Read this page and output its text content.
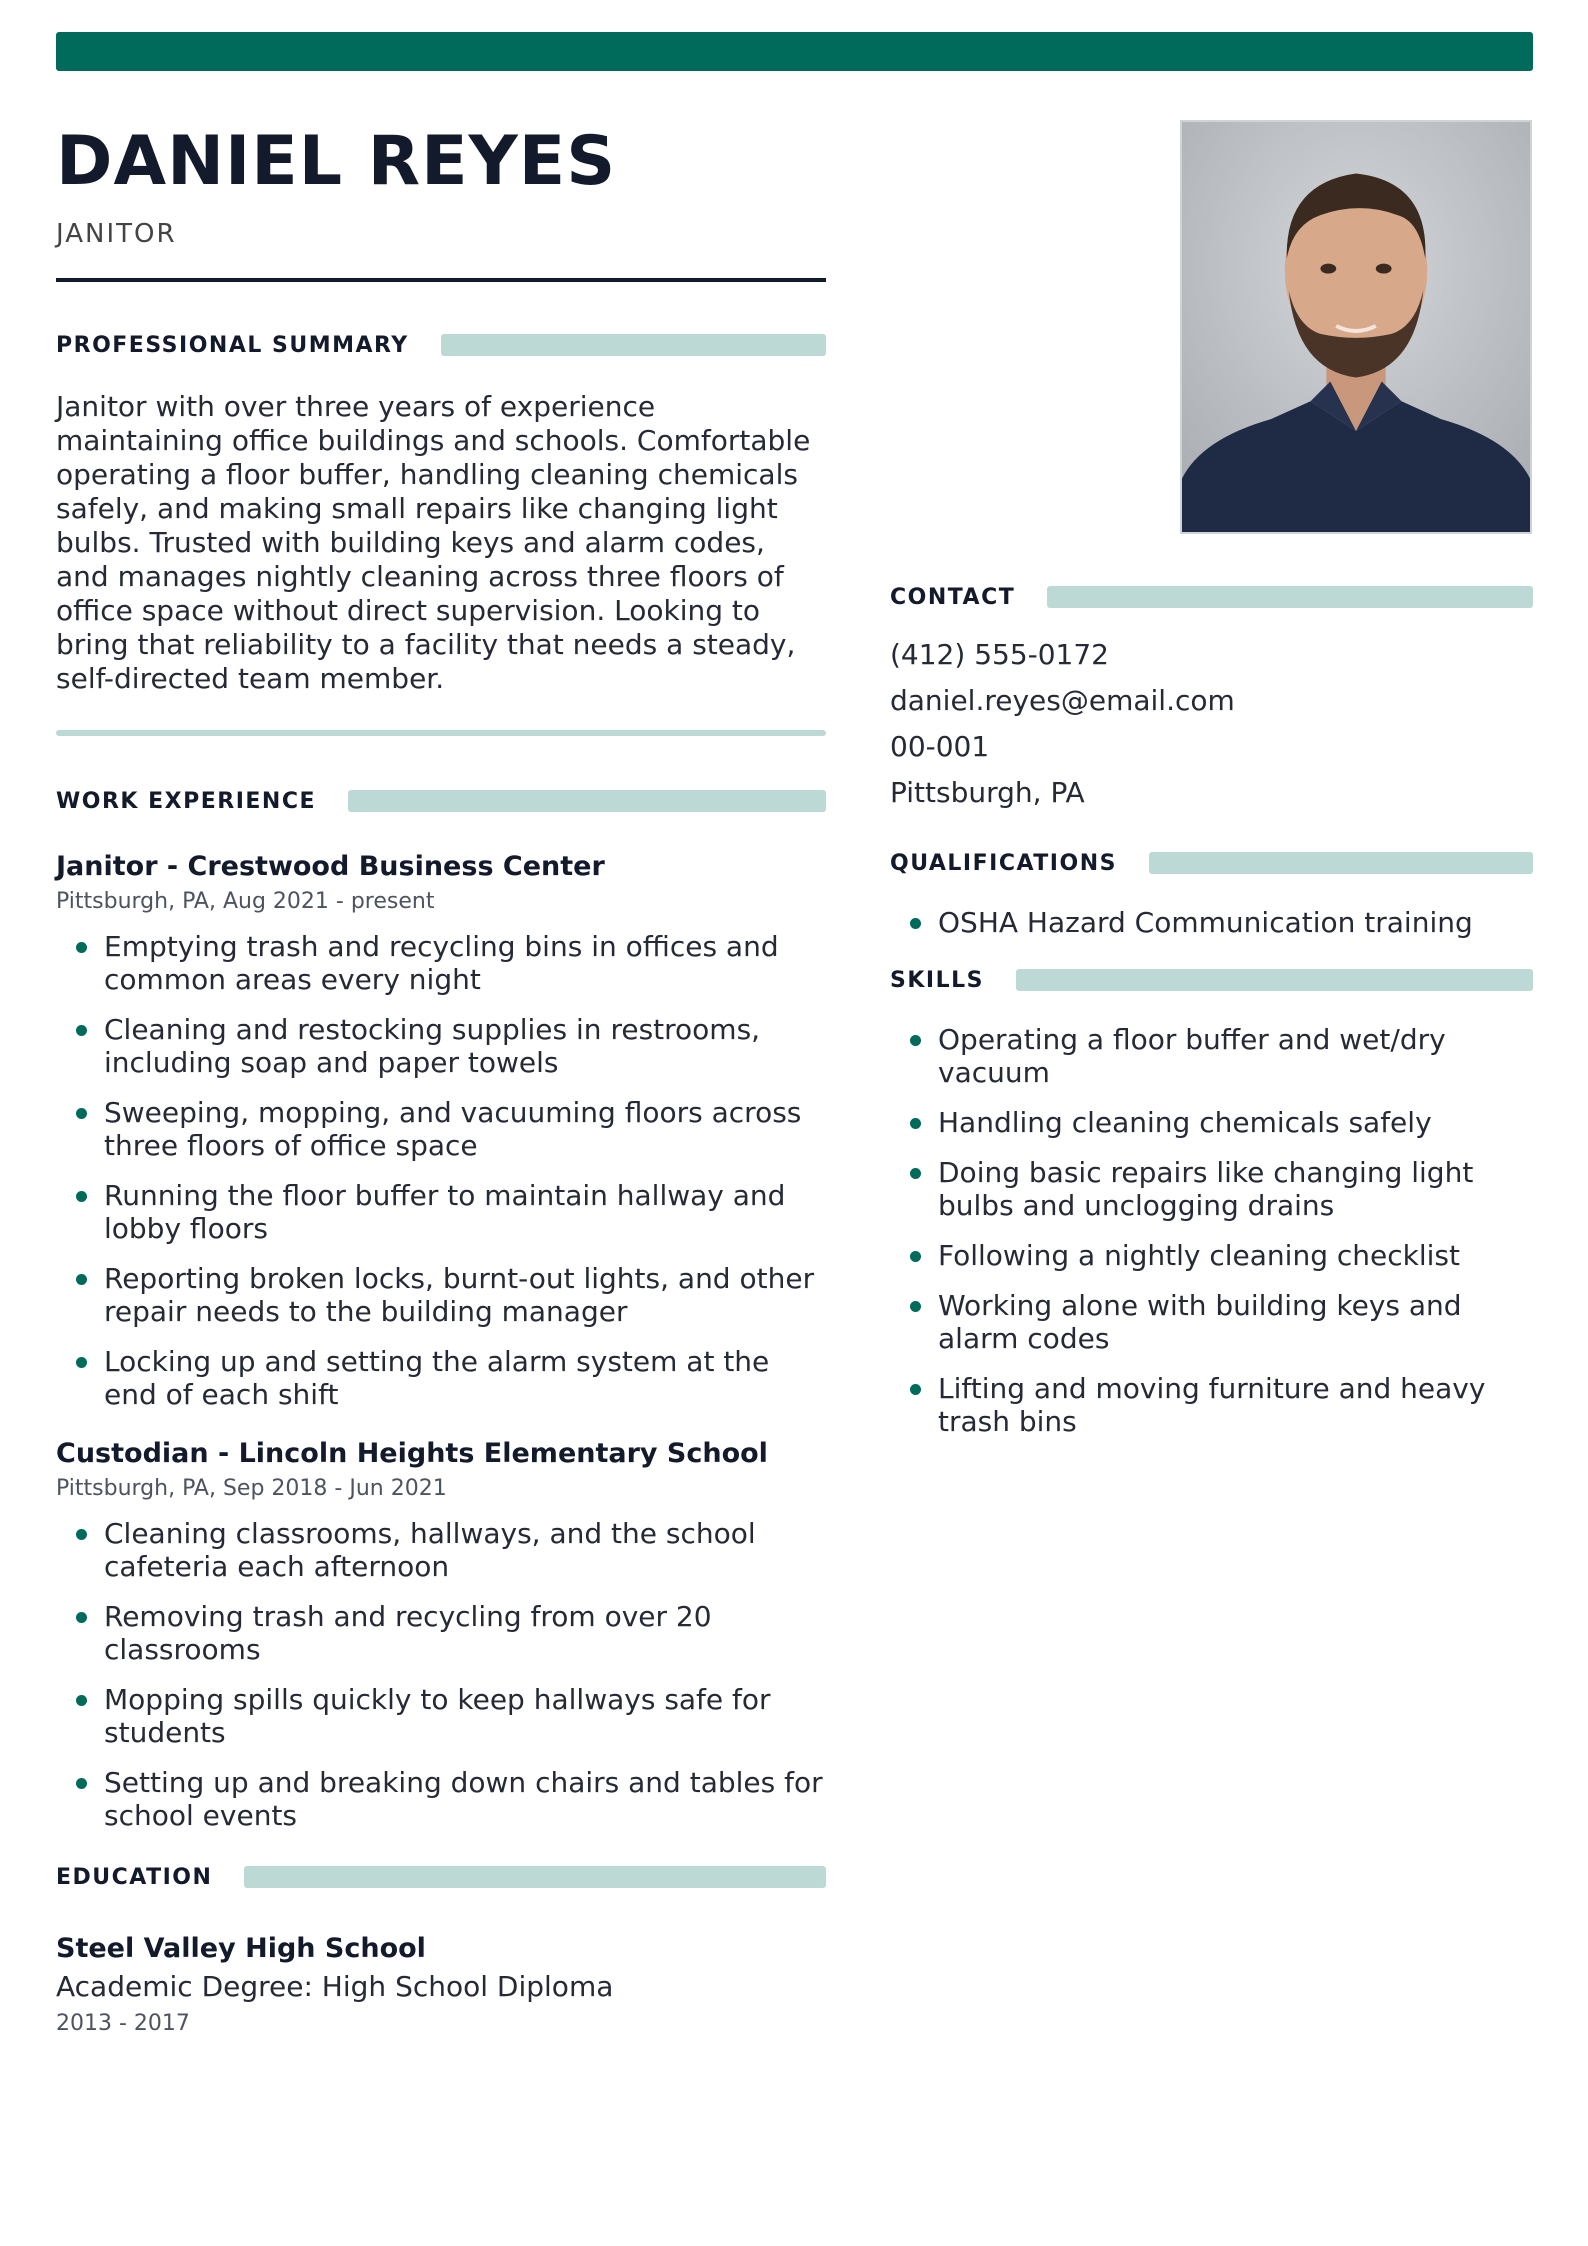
DANIEL REYES
JANITOR
PROFESSIONAL SUMMARY
Janitor with over three years of experience maintaining office buildings and schools. Comfortable operating a floor buffer, handling cleaning chemicals safely, and making small repairs like changing light bulbs. Trusted with building keys and alarm codes, and manages nightly cleaning across three floors of office space without direct supervision. Looking to bring that reliability to a facility that needs a steady, self-directed team member.
WORK EXPERIENCE
Janitor - Crestwood Business Center
Pittsburgh, PA, Aug 2021 - present
Emptying trash and recycling bins in offices and common areas every night
Cleaning and restocking supplies in restrooms, including soap and paper towels
Sweeping, mopping, and vacuuming floors across three floors of office space
Running the floor buffer to maintain hallway and lobby floors
Reporting broken locks, burnt-out lights, and other repair needs to the building manager
Locking up and setting the alarm system at the end of each shift
Custodian - Lincoln Heights Elementary School
Pittsburgh, PA, Sep 2018 - Jun 2021
Cleaning classrooms, hallways, and the school cafeteria each afternoon
Removing trash and recycling from over 20 classrooms
Mopping spills quickly to keep hallways safe for students
Setting up and breaking down chairs and tables for school events
EDUCATION
Steel Valley High School
Academic Degree: High School Diploma
2013 - 2017
CONTACT
(412) 555-0172
daniel.reyes@email.com
00-001
Pittsburgh, PA
QUALIFICATIONS
OSHA Hazard Communication training
SKILLS
Operating a floor buffer and wet/dry vacuum
Handling cleaning chemicals safely
Doing basic repairs like changing light bulbs and unclogging drains
Following a nightly cleaning checklist
Working alone with building keys and alarm codes
Lifting and moving furniture and heavy trash bins
